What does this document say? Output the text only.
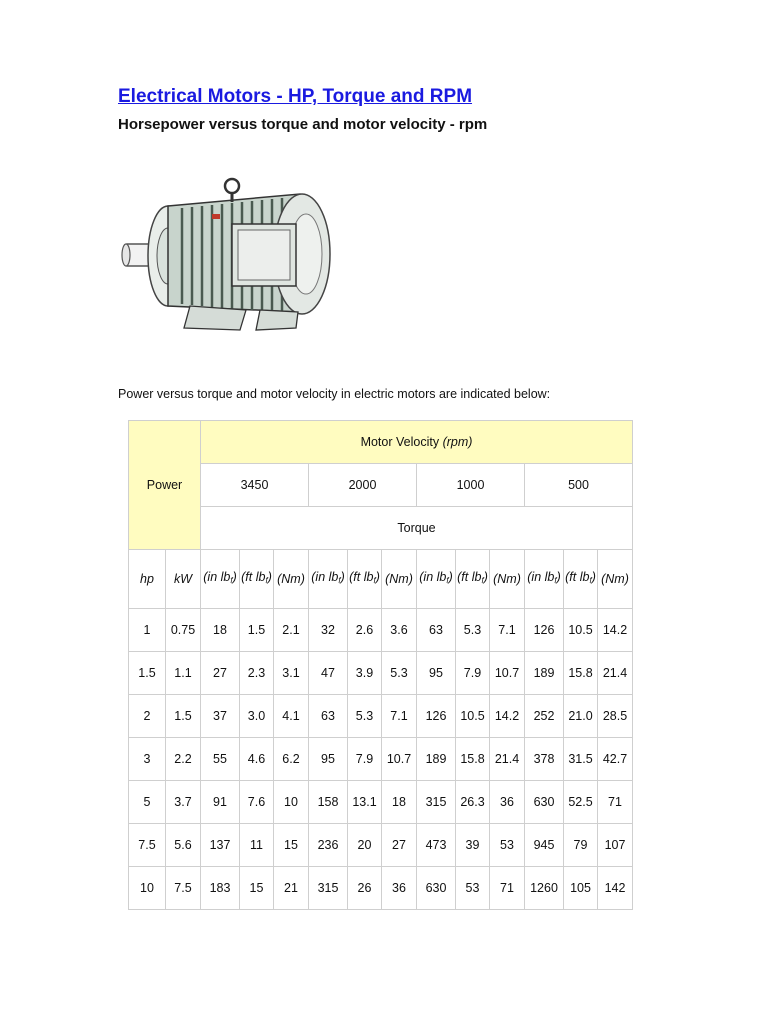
Electrical Motors - HP, Torque and RPM

Horsepower versus torque and motor velocity - rpm

Power versus torque and motor velocity in electric motors are indicated below:

Power		Motor Velocity (rpm)											
		3450			2000			1000			500		
		Torque											
hp	kW	(in $lb_f$)	(ft $lb_f$)	(Nm)	(in $lb_f$)	(ft $lb_f$)	(Nm)	(in $lb_f$)	(ft $lb_f$)	(Nm)	(in $lb_f$)	(ft $lb_f$)	(Nm)
1	0.75	18	1.5	2.1	32	2.6	3.6	63	5.3	7.1	126	10.5	14.2
1.5	1.1	27	2.3	3.1	47	3.9	5.3	95	7.9	10.7	189	15.8	21.4
2	1.5	37	3.0	4.1	63	5.3	7.1	126	10.5	14.2	252	21.0	28.5
3	2.2	55	4.6	6.2	95	7.9	10.7	189	15.8	21.4	378	31.5	42.7
5	3.7	91	7.6	10	158	13.1	18	315	26.3	36	630	52.5	71
7.5	5.6	137	11	15	236	20	27	473	39	53	945	79	107
10	7.5	183	15	21	315	26	36	630	53	71	1260	105	142
